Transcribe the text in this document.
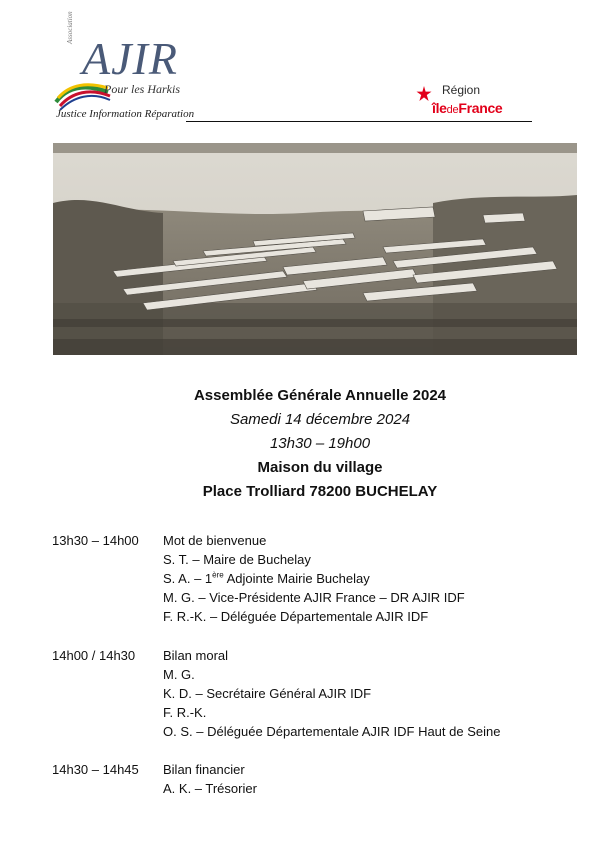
Association
AJIR
Pour les Harkis
Justice Information Réparation
Région
îledeFrance
Assemblée Générale Annuelle 2024
Samedi 14 décembre 2024
13h30 – 19h00
Maison du village
Place Trolliard 78200 BUCHELAY
13h30 – 14h00 Mot de bienvenue
S. T. – Maire de Buchelay
S. A. – 1ère Adjointe Mairie Buchelay
M. G. – Vice-Présidente AJIR France – DR AJIR IDF
F. R.-K. – Déléguée Départementale AJIR IDF
14h00 / 14h30 Bilan moral
M. G.
K. D. – Secrétaire Général AJIR IDF
F. R.-K.
O. S. – Déléguée Départementale AJIR IDF Haut de Seine
14h30 – 14h45 Bilan financier
A. K. – Trésorier
